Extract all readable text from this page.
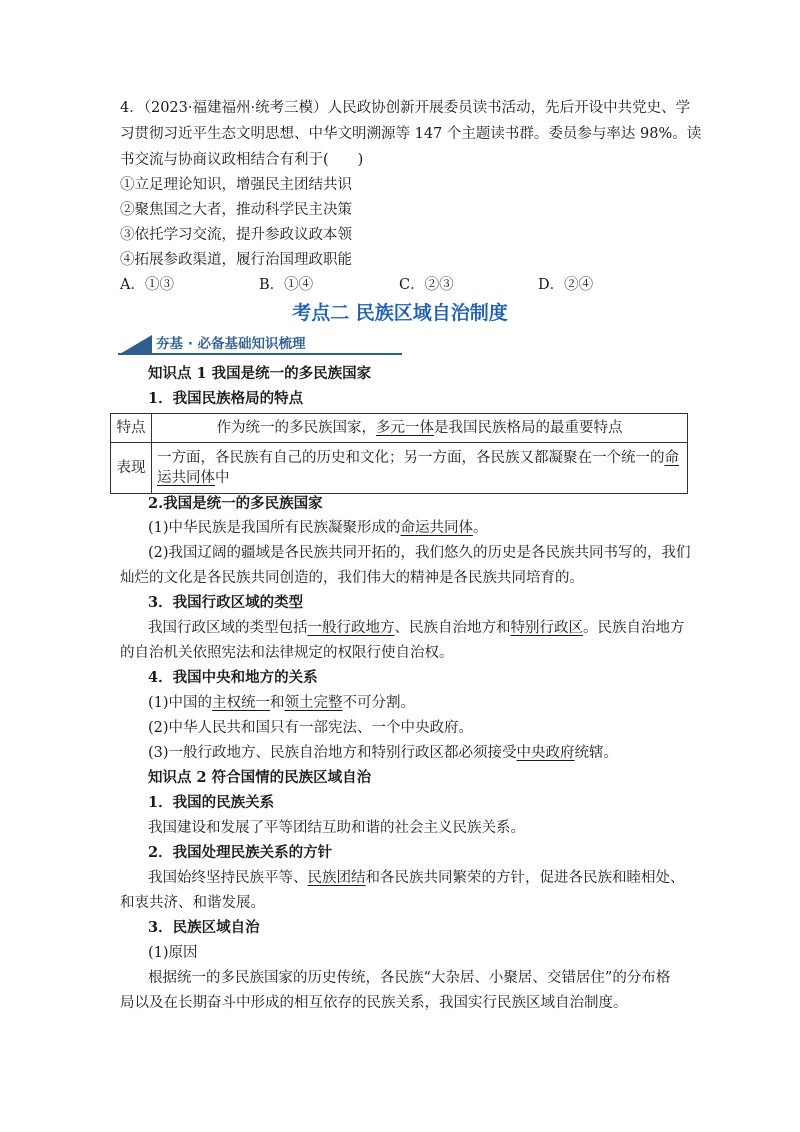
4．（2023·福建福州·统考三模）人民政协创新开展委员读书活动，先后开设中共党史、学
习贯彻习近平生态文明思想、中华文明溯源等 147 个主题读书群。委员参与率达 98%。读
书交流与协商议政相结合有利于(　　)
①立足理论知识，增强民主团结共识
②聚焦国之大者，推动科学民主决策
③依托学习交流，提升参政议政本领
④拓展参政渠道，履行治国理政职能
A．①③	B．①④	C．②③	D．②④
考点二 民族区域自治制度
夯基 · 必备基础知识梳理
知识点 1 我国是统一的多民族国家
1．我国民族格局的特点
特点	作为统一的多民族国家，多元一体是我国民族格局的最重要特点
表现	一方面，各民族有自己的历史和文化；另一方面，各民族又都凝聚在一个统一的命运共同体中
2.我国是统一的多民族国家
(1)中华民族是我国所有民族凝聚形成的命运共同体。
(2)我国辽阔的疆域是各民族共同开拓的，我们悠久的历史是各民族共同书写的，我们
灿烂的文化是各民族共同创造的，我们伟大的精神是各民族共同培育的。
3．我国行政区域的类型
我国行政区域的类型包括一般行政地方、民族自治地方和特别行政区。民族自治地方
的自治机关依照宪法和法律规定的权限行使自治权。
4．我国中央和地方的关系
(1)中国的主权统一和领土完整不可分割。
(2)中华人民共和国只有一部宪法、一个中央政府。
(3)一般行政地方、民族自治地方和特别行政区都必须接受中央政府统辖。
知识点 2 符合国情的民族区域自治
1．我国的民族关系
我国建设和发展了平等团结互助和谐的社会主义民族关系。
2．我国处理民族关系的方针
我国始终坚持民族平等、民族团结和各民族共同繁荣的方针，促进各民族和睦相处、
和衷共济、和谐发展。
3．民族区域自治
(1)原因
根据统一的多民族国家的历史传统，各民族“大杂居、小聚居、交错居住”的分布格
局以及在长期奋斗中形成的相互依存的民族关系，我国实行民族区域自治制度。
